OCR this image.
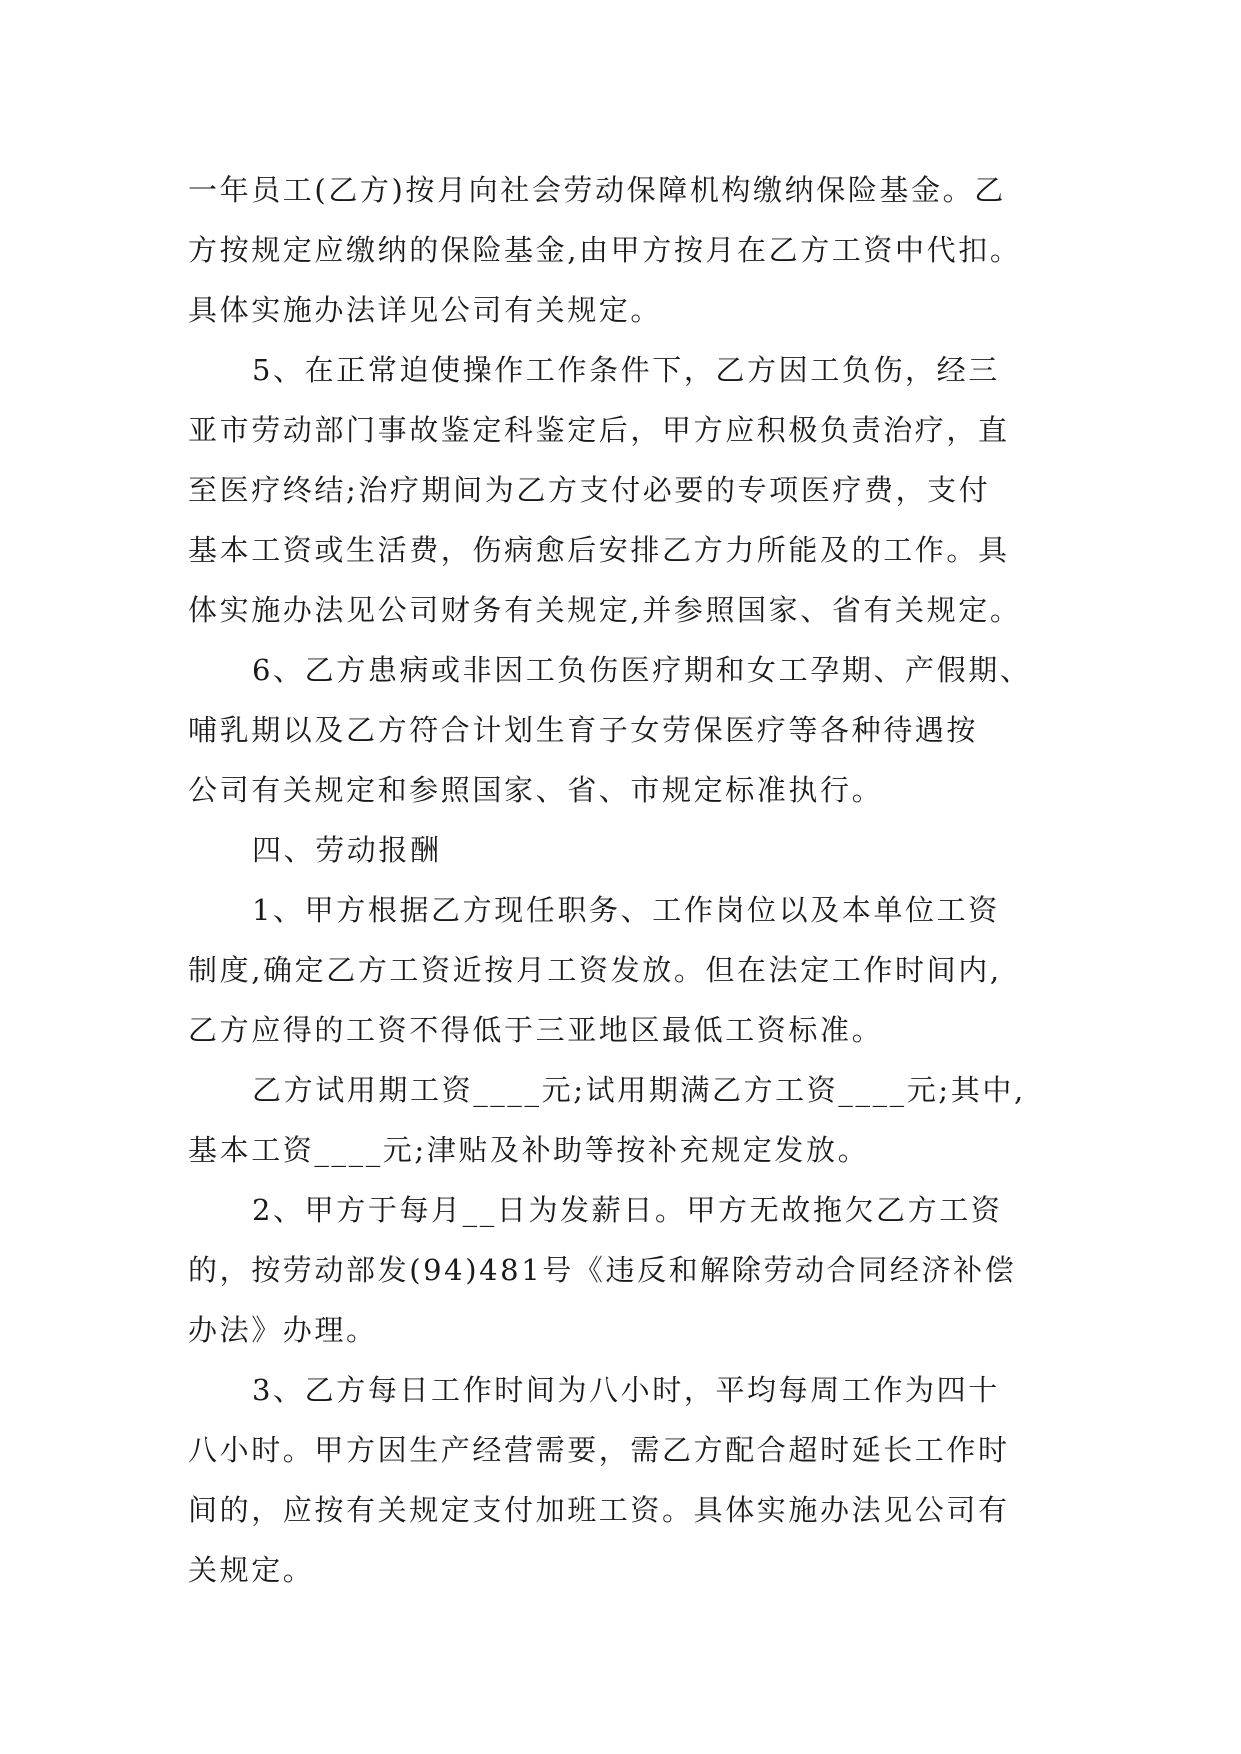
一年员工(乙方)按月向社会劳动保障机构缴纳保险基金。乙
方按规定应缴纳的保险基金,由甲方按月在乙方工资中代扣。
具体实施办法详见公司有关规定。
5、在正常迫使操作工作条件下，乙方因工负伤，经三
亚市劳动部门事故鉴定科鉴定后，甲方应积极负责治疗，直
至医疗终结;治疗期间为乙方支付必要的专项医疗费，支付
基本工资或生活费，伤病愈后安排乙方力所能及的工作。具
体实施办法见公司财务有关规定,并参照国家、省有关规定。
6、乙方患病或非因工负伤医疗期和女工孕期、产假期、
哺乳期以及乙方符合计划生育子女劳保医疗等各种待遇按
公司有关规定和参照国家、省、市规定标准执行。
四、劳动报酬
1、甲方根据乙方现任职务、工作岗位以及本单位工资
制度,确定乙方工资近按月工资发放。但在法定工作时间内,
乙方应得的工资不得低于三亚地区最低工资标准。
乙方试用期工资____元;试用期满乙方工资____元;其中,
基本工资____元;津贴及补助等按补充规定发放。
2、甲方于每月__日为发薪日。甲方无故拖欠乙方工资
的，按劳动部发(94)481号《违反和解除劳动合同经济补偿
办法》办理。
3、乙方每日工作时间为八小时，平均每周工作为四十
八小时。甲方因生产经营需要，需乙方配合超时延长工作时
间的，应按有关规定支付加班工资。具体实施办法见公司有
关规定。
